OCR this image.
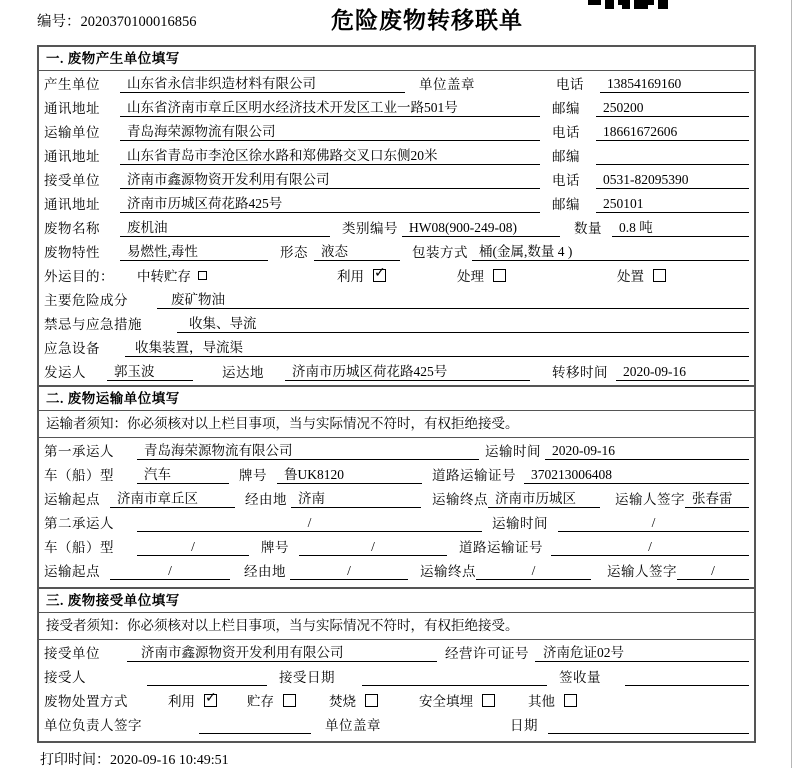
编号：2020370100016856	危险废物转移联单
一. 废物产生单位填写
产生单位	山东省永信非织造材料有限公司	单位盖章	电话	13854169160
通讯地址	山东省济南市章丘区明水经济技术开发区工业一路501号	邮编	250200
运输单位	青岛海荣源物流有限公司	电话	18661672606
通讯地址	山东省青岛市李沧区徐水路和郑佛路交叉口东侧20米	邮编
接受单位	济南市鑫源物资开发利用有限公司	电话	0531-82095390
通讯地址	济南市历城区荷花路425号	邮编	250101
废物名称	废机油	类别编号 HW08(900-249-08)	数量	0.8 吨
废物特性	易燃性,毒性	形态 液态	包装方式 桶(金属,数量 4 )
外运目的：	中转贮存	利用 ✓	处理	处置
主要危险成分	废矿物油
禁忌与应急措施	收集、导流
应急设备	收集装置，导流渠
发运人	郭玉波	运达地	济南市历城区荷花路425号	转移时间	2020-09-16
二. 废物运输单位填写
运输者须知：你必须核对以上栏目事项，当与实际情况不符时，有权拒绝接受。
第一承运人	青岛海荣源物流有限公司	运输时间 2020-09-16
车（船）型	汽车	牌号	鲁UK8120	道路运输证号	370213006408
运输起点	济南市章丘区	经由地 济南	运输终点 济南市历城区	运输人签字 张春雷
第二承运人	/	运输时间	/
车（船）型	/	牌号	/	道路运输证号	/
运输起点	/	经由地	/	运输终点	/	运输人签字	/
三. 废物接受单位填写
接受者须知：你必须核对以上栏目事项，当与实际情况不符时，有权拒绝接受。
接受单位	济南市鑫源物资开发利用有限公司	经营许可证号	济南危证02号
接受人	接受日期	签收量
废物处置方式	利用 ✓ 贮存	焚烧	安全填埋	其他
单位负责人签字	单位盖章	日期
打印时间：2020-09-16 10:49:51
